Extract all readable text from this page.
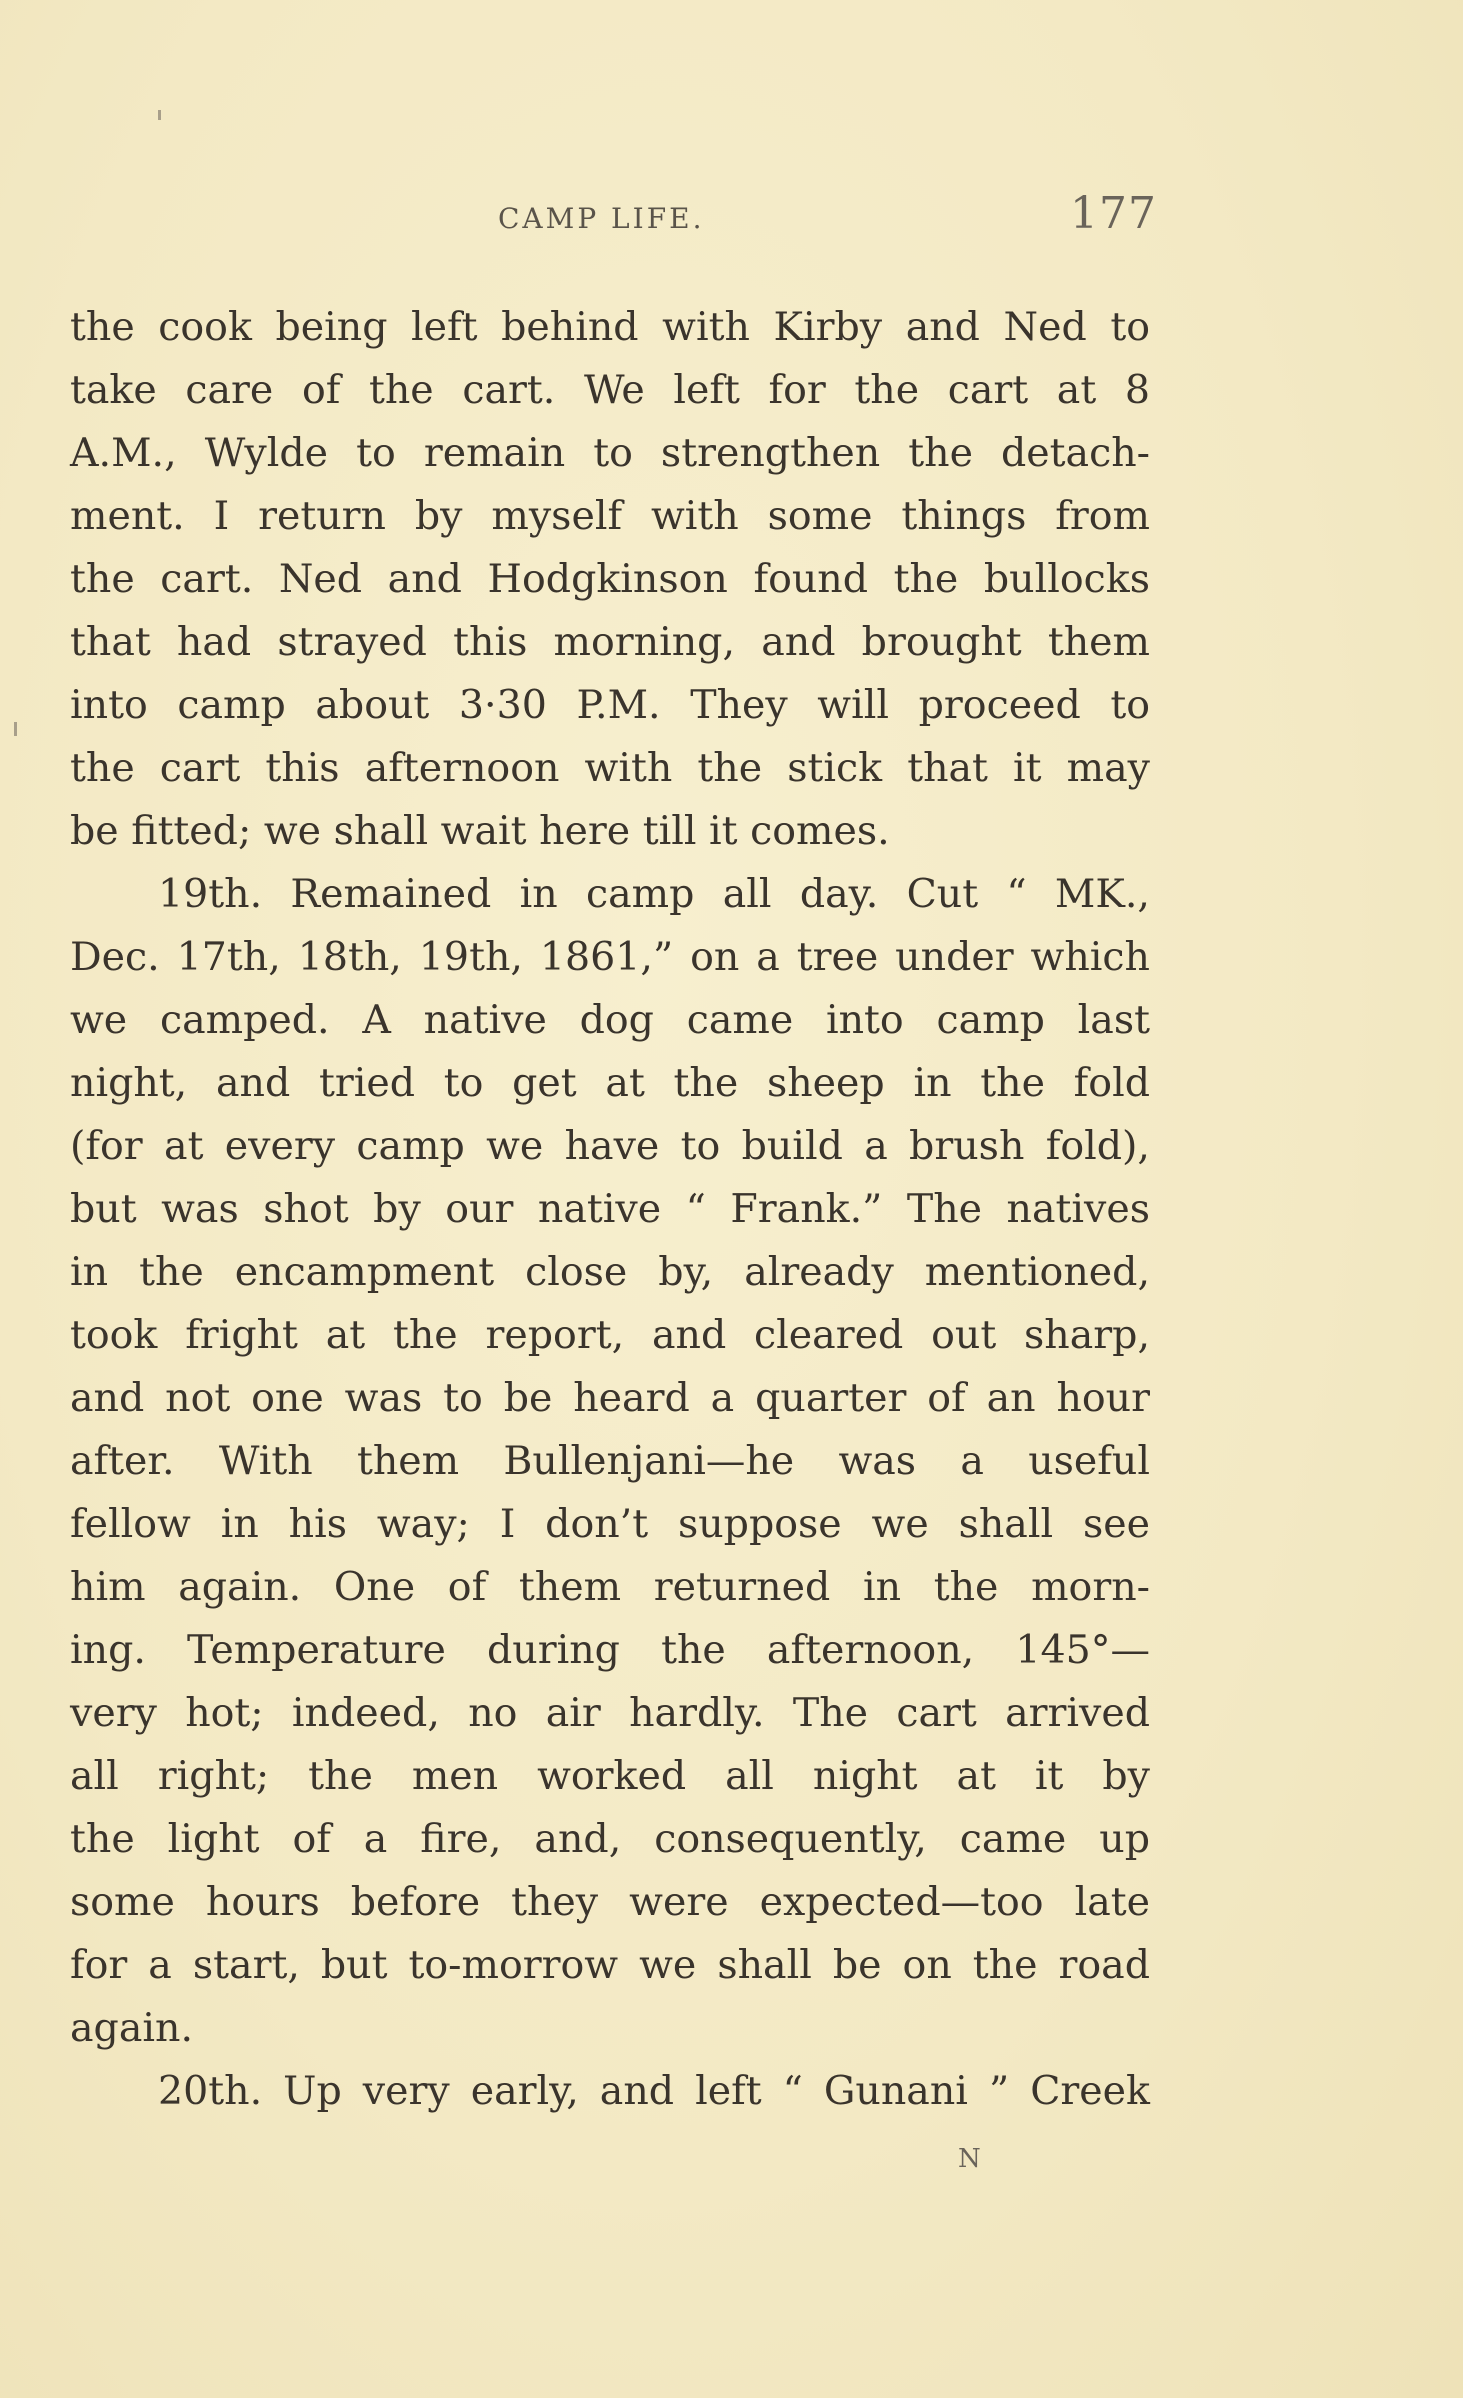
CAMP LIFE.	177
the cook being left behind with Kirby and Ned to
take care of the cart. We left for the cart at 8
A.M., Wylde to remain to strengthen the detach-
ment. I return by myself with some things from
the cart. Ned and Hodgkinson found the bullocks
that had strayed this morning, and brought them
into camp about 3·30 P.M. They will proceed to
the cart this afternoon with the stick that it may
be fitted; we shall wait here till it comes.
19th. Remained in camp all day. Cut “ MK.,
Dec. 17th, 18th, 19th, 1861,” on a tree under which
we camped. A native dog came into camp last
night, and tried to get at the sheep in the fold
(for at every camp we have to build a brush fold),
but was shot by our native “ Frank.” The natives
in the encampment close by, already mentioned,
took fright at the report, and cleared out sharp,
and not one was to be heard a quarter of an hour
after. With them Bullenjani—he was a useful
fellow in his way; I don’t suppose we shall see
him again. One of them returned in the morn-
ing. Temperature during the afternoon, 145°—
very hot; indeed, no air hardly. The cart arrived
all right; the men worked all night at it by
the light of a fire, and, consequently, came up
some hours before they were expected—too late
for a start, but to-morrow we shall be on the road
again.
20th. Up very early, and left “ Gunani ” Creek
N
